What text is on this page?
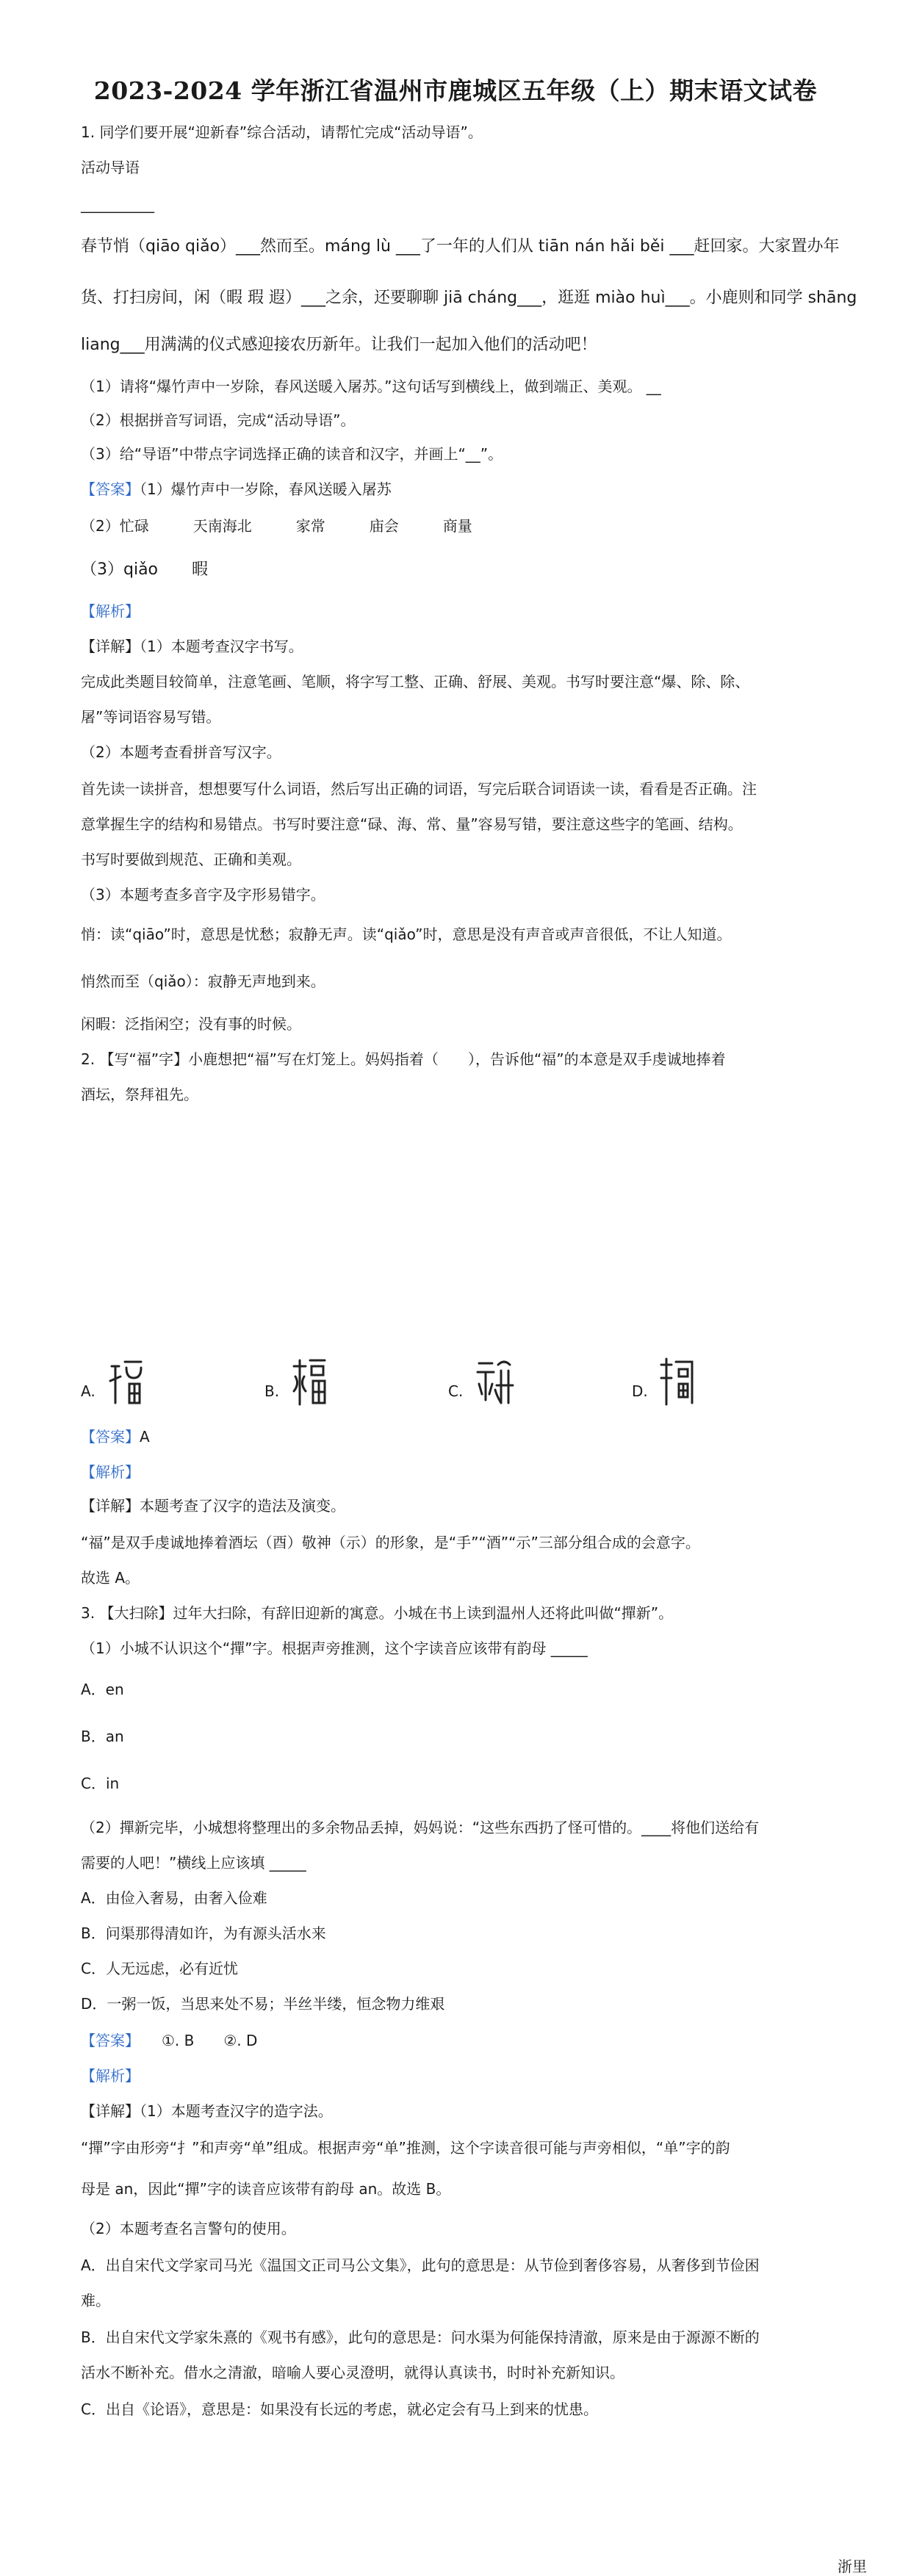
2023-2024 学年浙江省温州市鹿城区五年级（上）期末语文试卷
1. 同学们要开展“迎新春”综合活动，请帮忙完成“活动导语”。
活动导语
__________
春节悄（qiāo qiǎo）___然而至。máng lù ___了一年的人们从 tiān nán hǎi běi ___赶回家。大家置办年
货、打扫房间，闲（暇 瑕 遐）___之余，还要聊聊 jiā cháng___，逛逛 miào huì___。小鹿则和同学 shāng
liang___用满满的仪式感迎接农历新年。让我们一起加入他们的活动吧！
（1）请将“爆竹声中一岁除，春风送暖入屠苏。”这句话写到横线上，做到端正、美观。 __
（2）根据拼音写词语，完成“活动导语”。
（3）给“导语”中带点字词选择正确的读音和汉字，并画上“__”。
【答案】（1）爆竹声中一岁除，春风送暖入屠苏
（2）忙碌	天南海北	家常	庙会	商量
（3）qiǎo 暇
【解析】
【详解】（1）本题考查汉字书写。
完成此类题目较简单，注意笔画、笔顺，将字写工整、正确、舒展、美观。书写时要注意“爆、除、除、
屠”等词语容易写错。
（2）本题考查看拼音写汉字。
首先读一读拼音，想想要写什么词语，然后写出正确的词语，写完后联合词语读一读，看看是否正确。注
意掌握生字的结构和易错点。书写时要注意“碌、海、常、量”容易写错，要注意这些字的笔画、结构。
书写时要做到规范、正确和美观。
（3）本题考查多音字及字形易错字。
悄：读“qiāo”时，意思是忧愁；寂静无声。读“qiǎo”时，意思是没有声音或声音很低，不让人知道。
悄然而至（qiǎo）：寂静无声地到来。
闲暇：泛指闲空；没有事的时候。
2. 【写“福”字】小鹿想把“福”写在灯笼上。妈妈指着（　　），告诉他“福”的本意是双手虔诚地捧着
酒坛，祭拜祖先。
A.	B.	C.	D.
【答案】A
【解析】
【详解】本题考查了汉字的造法及演变。
“福”是双手虔诚地捧着酒坛（酉）敬神（示）的形象，是“手”“酒”“示”三部分组合成的会意字。
故选 A。
3. 【大扫除】过年大扫除，有辞旧迎新的寓意。小城在书上读到温州人还将此叫做“撣新”。
（1）小城不认识这个“撣”字。根据声旁推测，这个字读音应该带有韵母 _____
A．en
B．an
C．in
（2）撣新完毕，小城想将整理出的多余物品丢掉，妈妈说：“这些东西扔了怪可惜的。____将他们送给有
需要的人吧！”横线上应该填 _____
A．由俭入奢易，由奢入俭难
B．问渠那得清如许，为有源头活水来
C．人无远虑，必有近忧
D．一粥一饭，当思来处不易；半丝半缕，恒念物力维艰
【答案】 ①. B　　②. D
【解析】
【详解】（1）本题考查汉字的造字法。
“撣”字由形旁“扌”和声旁“单”组成。根据声旁“单”推测，这个字读音很可能与声旁相似，“单”字的韵
母是 an，因此“撣”字的读音应该带有韵母 an。故选 B。
（2）本题考查名言警句的使用。
A．出自宋代文学家司马光《温国文正司马公文集》，此句的意思是：从节俭到奢侈容易，从奢侈到节俭困
难。
B．出自宋代文学家朱熹的《观书有感》，此句的意思是：问水渠为何能保持清澈，原来是由于源源不断的
活水不断补充。借水之清澈，暗喻人要心灵澄明，就得认真读书，时时补充新知识。
C．出自《论语》，意思是：如果没有长远的考虑，就必定会有马上到来的忧患。
浙里
